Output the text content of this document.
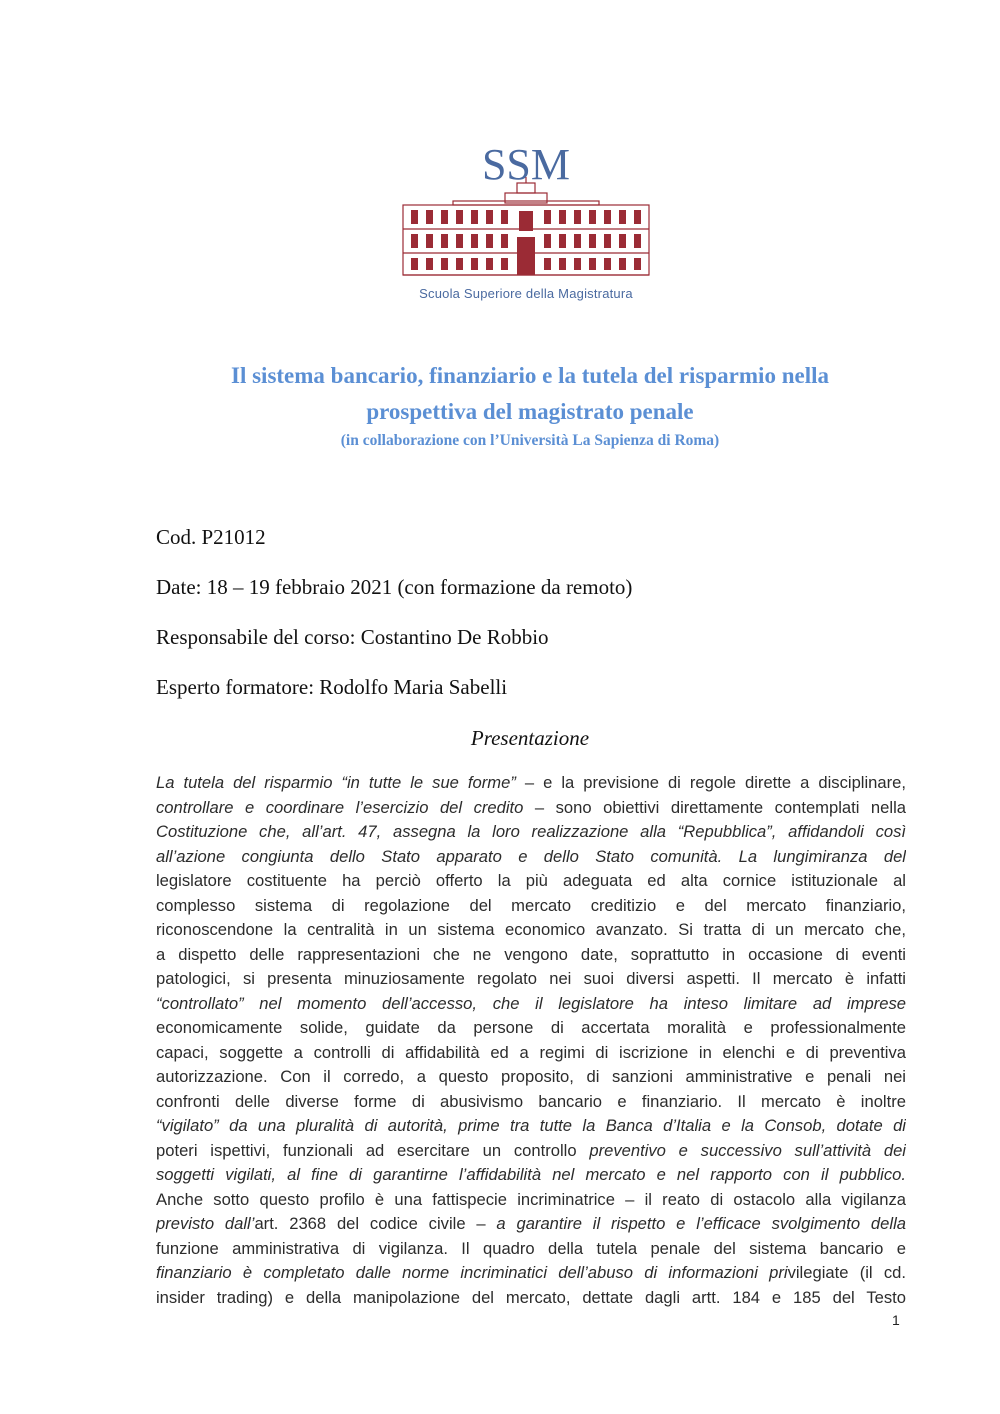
SSM
Scuola Superiore della Magistratura
Il sistema bancario, finanziario e la tutela del risparmio nella
prospettiva del magistrato penale
(in collaborazione con l’Università La Sapienza di Roma)
Cod. P21012
Date: 18 – 19 febbraio 2021 (con formazione da remoto)
Responsabile del corso: Costantino De Robbio
Esperto formatore: Rodolfo Maria Sabelli
Presentazione
La tutela del risparmio “in tutte le sue forme” – e la previsione di regole dirette a disciplinare,
controllare e coordinare l’esercizio del credito – sono obiettivi direttamente contemplati nella
Costituzione che, all’art. 47, assegna la loro realizzazione alla “Repubblica”, affidandoli così
all’azione congiunta dello Stato apparato e dello Stato comunità. La lungimiranza del
legislatore costituente ha perciò offerto la più adeguata ed alta cornice istituzionale al
complesso sistema di regolazione del mercato creditizio e del mercato finanziario,
riconoscendone la centralità in un sistema economico avanzato. Si tratta di un mercato che,
a dispetto delle rappresentazioni che ne vengono date, soprattutto in occasione di eventi
patologici, si presenta minuziosamente regolato nei suoi diversi aspetti. Il mercato è infatti
“controllato” nel momento dell’accesso, che il legislatore ha inteso limitare ad imprese
economicamente solide, guidate da persone di accertata moralità e professionalmente
capaci, soggette a controlli di affidabilità ed a regimi di iscrizione in elenchi e di preventiva
autorizzazione. Con il corredo, a questo proposito, di sanzioni amministrative e penali nei
confronti delle diverse forme di abusivismo bancario e finanziario. Il mercato è inoltre
“vigilato” da una pluralità di autorità, prime tra tutte la Banca d’Italia e la Consob, dotate di
poteri ispettivi, funzionali ad esercitare un controllo preventivo e successivo sull’attività dei
soggetti vigilati, al fine di garantirne l’affidabilità nel mercato e nel rapporto con il pubblico.
Anche sotto questo profilo è una fattispecie incriminatrice – il reato di ostacolo alla vigilanza
previsto dall’art. 2368 del codice civile – a garantire il rispetto e l’efficace svolgimento della
funzione amministrativa di vigilanza. Il quadro della tutela penale del sistema bancario e
finanziario è completato dalle norme incriminatici dell’abuso di informazioni privilegiate (il cd.
insider trading) e della manipolazione del mercato, dettate dagli artt. 184 e 185 del Testo
1
